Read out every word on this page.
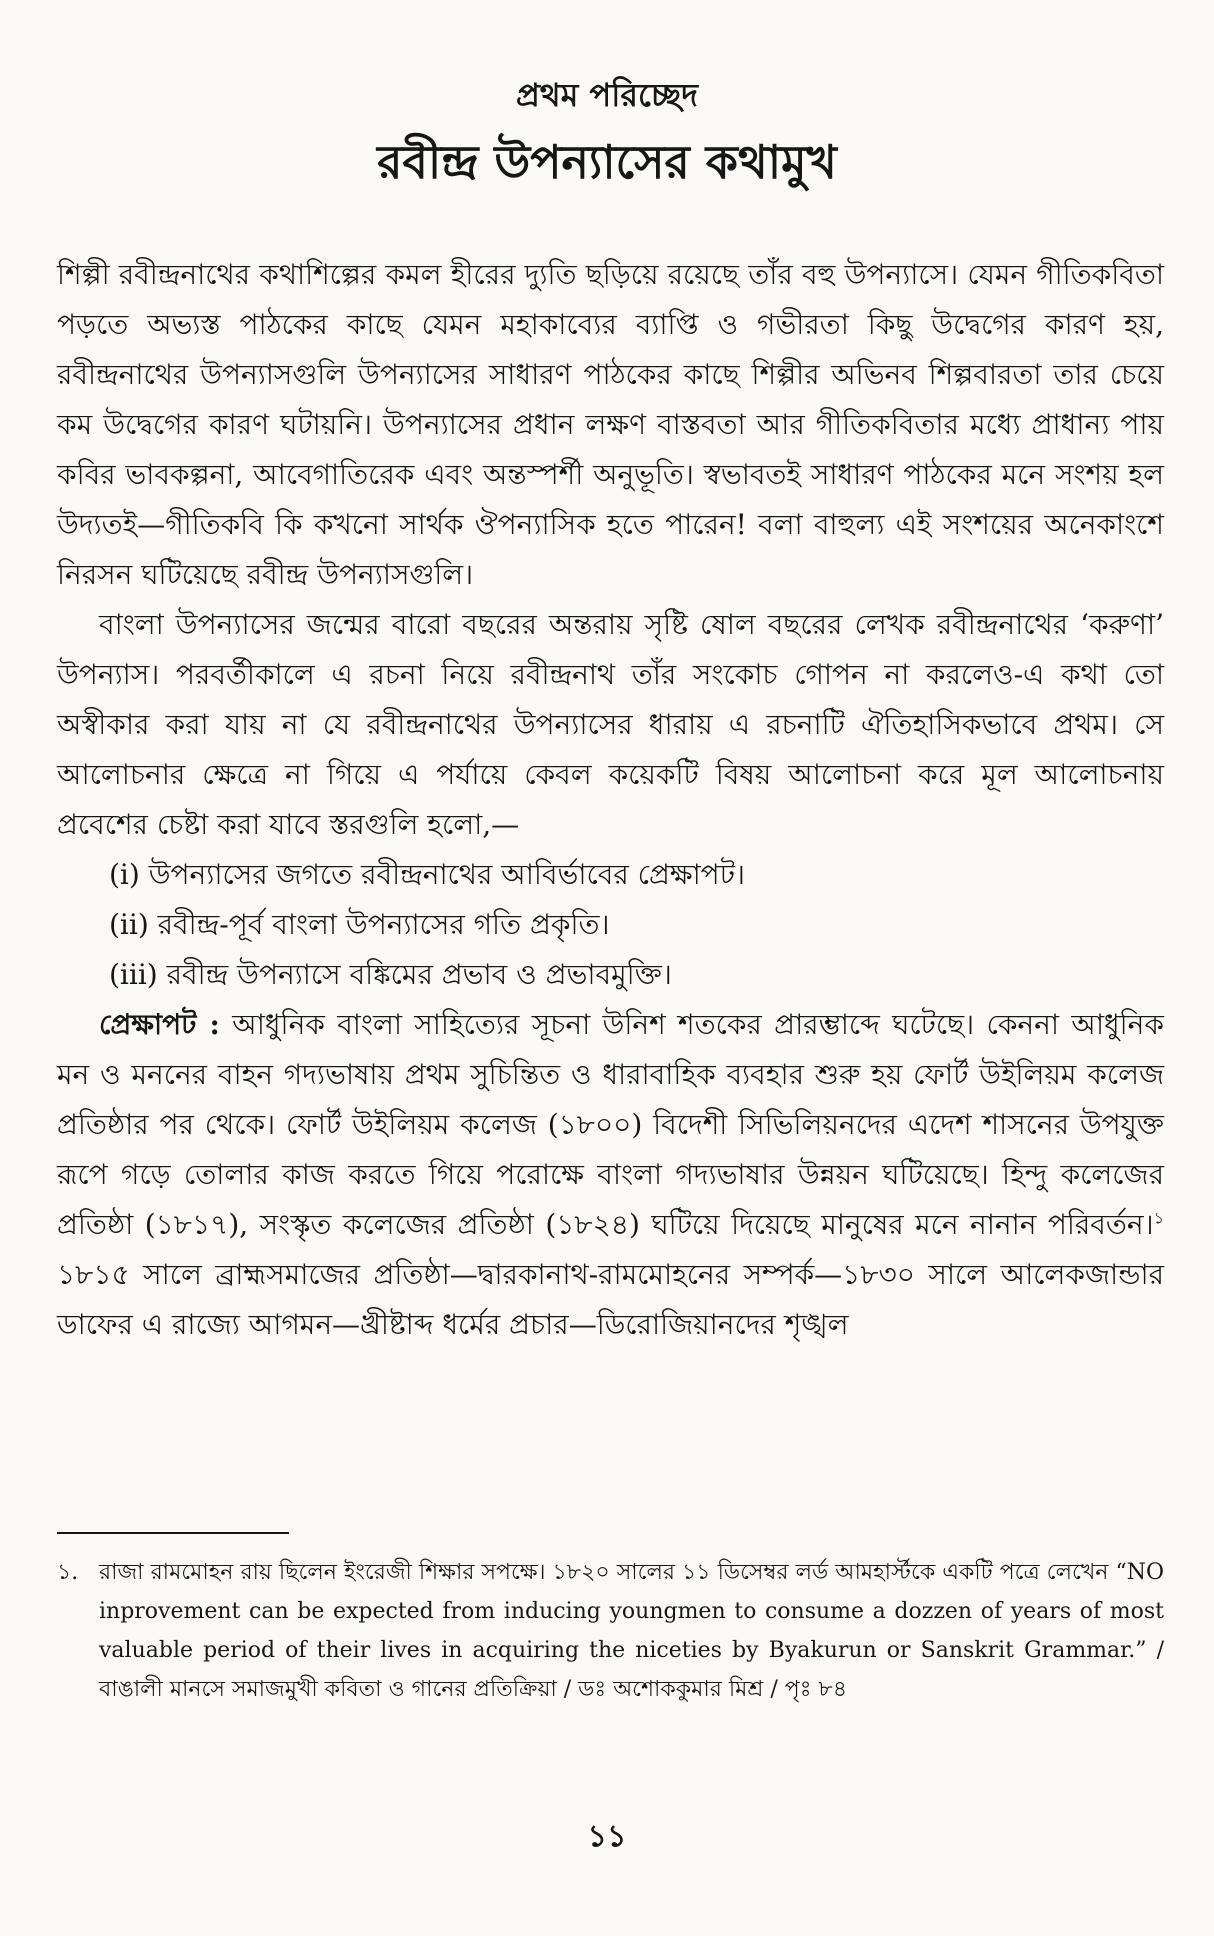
প্রথম পরিচ্ছেদ
রবীন্দ্র উপন্যাসের কথামুখ

শিল্পী রবীন্দ্রনাথের কথাশিল্পের কমল হীরের দ্যুতি ছড়িয়ে রয়েছে তাঁর বহু উপন্যাসে। যেমন গীতিকবিতা পড়তে অভ্যস্ত পাঠকের কাছে যেমন মহাকাব্যের ব্যাপ্তি ও গভীরতা কিছু উদ্বেগের কারণ হয়, রবীন্দ্রনাথের উপন্যাসগুলি উপন্যাসের সাধারণ পাঠকের কাছে শিল্পীর অভিনব শিল্পবারতা তার চেয়ে কম উদ্বেগের কারণ ঘটায়নি। উপন্যাসের প্রধান লক্ষণ বাস্তবতা আর গীতিকবিতার মধ্যে প্রাধান্য পায় কবির ভাবকল্পনা, আবেগাতিরেক এবং অন্তস্পর্শী অনুভূতি। স্বভাবতই সাধারণ পাঠকের মনে সংশয় হল উদ্যতই—গীতিকবি কি কখনো সার্থক ঔপন্যাসিক হতে পারেন! বলা বাহুল্য এই সংশয়ের অনেকাংশে নিরসন ঘটিয়েছে রবীন্দ্র উপন্যাসগুলি।

বাংলা উপন্যাসের জন্মের বারো বছরের অন্তরায় সৃষ্টি ষোল বছরের লেখক রবীন্দ্রনাথের ‘করুণা’ উপন্যাস। পরবর্তীকালে এ রচনা নিয়ে রবীন্দ্রনাথ তাঁর সংকোচ গোপন না করলেও-এ কথা তো অস্বীকার করা যায় না যে রবীন্দ্রনাথের উপন্যাসের ধারায় এ রচনাটি ঐতিহাসিকভাবে প্রথম। সে আলোচনার ক্ষেত্রে না গিয়ে এ পর্যায়ে কেবল কয়েকটি বিষয় আলোচনা করে মূল আলোচনায় প্রবেশের চেষ্টা করা যাবে স্তরগুলি হলো,—

(i) উপন্যাসের জগতে রবীন্দ্রনাথের আবির্ভাবের প্রেক্ষাপট।

(ii) রবীন্দ্র-পূর্ব বাংলা উপন্যাসের গতি প্রকৃতি।

(iii) রবীন্দ্র উপন্যাসে বঙ্কিমের প্রভাব ও প্রভাবমুক্তি।

প্রেক্ষাপট : আধুনিক বাংলা সাহিত্যের সূচনা উনিশ শতকের প্রারম্ভাব্দে ঘটেছে। কেননা আধুনিক মন ও মননের বাহন গদ্যভাষায় প্রথম সুচিন্তিত ও ধারাবাহিক ব্যবহার শুরু হয় ফোর্ট উইলিয়ম কলেজ প্রতিষ্ঠার পর থেকে। ফোর্ট উইলিয়ম কলেজ (১৮০০) বিদেশী সিভিলিয়নদের এদেশ শাসনের উপযুক্ত রূপে গড়ে তোলার কাজ করতে গিয়ে পরোক্ষে বাংলা গদ্যভাষার উন্নয়ন ঘটিয়েছে। হিন্দু কলেজের প্রতিষ্ঠা (১৮১৭), সংস্কৃত কলেজের প্রতিষ্ঠা (১৮২৪) ঘটিয়ে দিয়েছে মানুষের মনে নানান পরিবর্তন।$^১$ ১৮১৫ সালে ব্রাহ্মসমাজের প্রতিষ্ঠা—দ্বারকানাথ-রামমোহনের সম্পর্ক—১৮৩০ সালে আলেকজান্ডার ডাফের এ রাজ্যে আগমন—খ্রীষ্টাব্দ ধর্মের প্রচার—ডিরোজিয়ানদের শৃঙ্খল

১. রাজা রামমোহন রায় ছিলেন ইংরেজী শিক্ষার সপক্ষে। ১৮২০ সালের ১১ ডিসেম্বর লর্ড আমহার্স্টকে একটি পত্রে লেখেন “NO inprovement can be expected from inducing youngmen to consume a dozzen of years of most valuable period of their lives in acquiring the niceties by Byakurun or Sanskrit Grammar.” / বাঙালী মানসে সমাজমুখী কবিতা ও গানের প্রতিক্রিয়া / ডঃ অশোককুমার মিশ্র / পৃঃ ৮৪

১১
